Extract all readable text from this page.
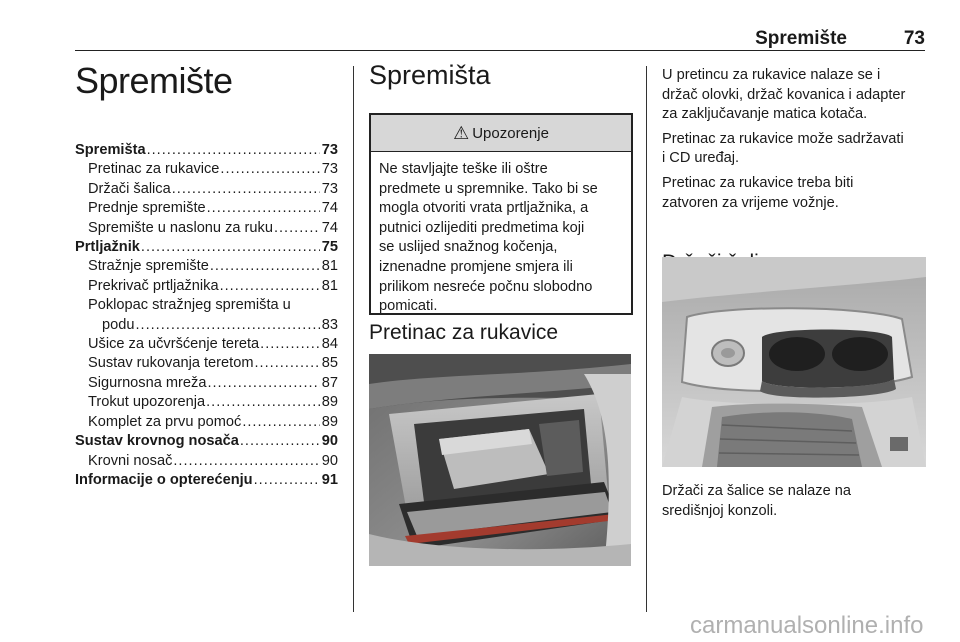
Spremište	73
Spremište
Spremišta .....	73
Pretinac za rukavice .....	73
Držači šalica .....	73
Prednje spremište .....	74
Spremište u naslonu za ruku .....	74
Prtljažnik .....	75
Stražnje spremište .....	81
Prekrivač prtljažnika .....	81
Poklopac stražnjeg spremišta u
podu .....	83
Ušice za učvršćenje tereta .....	84
Sustav rukovanja teretom .....	85
Sigurnosna mreža .....	87
Trokut upozorenja .....	89
Komplet za prvu pomoć .....	89
Sustav krovnog nosača .....	90
Krovni nosač .....	90
Informacije o opterećenju .....	91
Spremišta
⚠ Upozorenje
Ne stavljajte teške ili oštre
predmete u spremnike. Tako bi se
mogla otvoriti vrata prtljažnika, a
putnici ozlijediti predmetima koji
se uslijed snažnog kočenja,
iznenadne promjene smjera ili
prilikom nesreće počnu slobodno
pomicati.
Pretinac za rukavice

U pretincu za rukavice nalaze se i
držač olovki, držač kovanica i adapter
za zaključavanje matica kotača.

Pretinac za rukavice može sadržavati
i CD uređaj.

Pretinac za rukavice treba biti
zatvoren za vrijeme vožnje.

Držači za šalice se nalaze na
središnjoj konzoli.
carmanualsonline.info
